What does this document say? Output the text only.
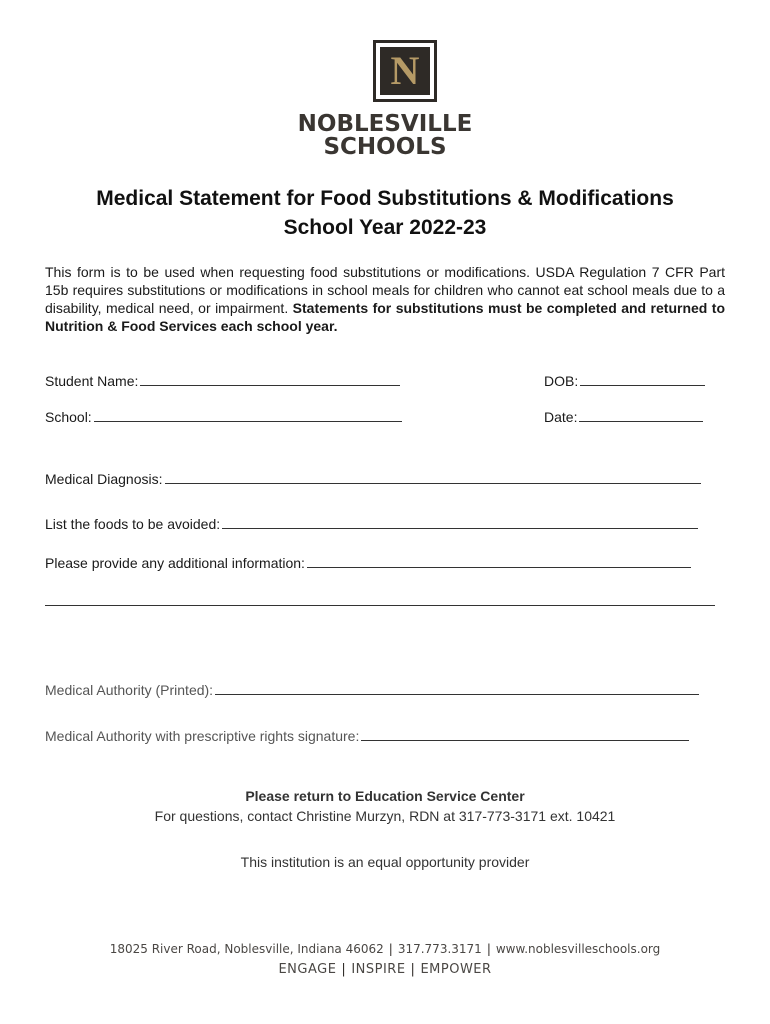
N
NOBLESVILLE
SCHOOLS
Medical Statement for Food Substitutions & Modifications
School Year 2022-23
This form is to be used when requesting food substitutions or modifications. USDA Regulation 7 CFR Part 15b requires substitutions or modifications in school meals for children who cannot eat school meals due to a disability, medical need, or impairment. Statements for substitutions must be completed and returned to Nutrition & Food Services each school year.
Student Name:	DOB:
School:	Date:
Medical Diagnosis:
List the foods to be avoided:
Please provide any additional information:
Medical Authority (Printed):
Medical Authority with prescriptive rights signature:
Please return to Education Service Center
For questions, contact Christine Murzyn, RDN at 317-773-3171 ext. 10421
This institution is an equal opportunity provider
18025 River Road, Noblesville, Indiana 46062 | 317.773.3171 | www.noblesvilleschools.org
ENGAGE | INSPIRE | EMPOWER
